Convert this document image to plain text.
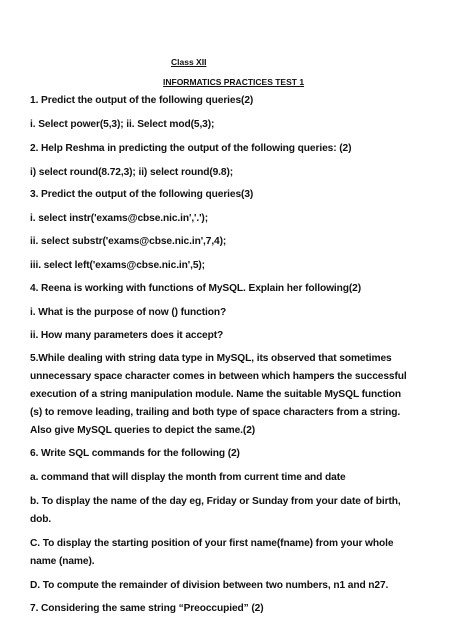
Class XII
INFORMATICS PRACTICES TEST 1
1. Predict the output of the following queries(2)
i. Select power(5,3); ii. Select mod(5,3);
2. Help Reshma in predicting the output of the following queries: (2)
i) select round(8.72,3); ii) select round(9.8);
3. Predict the output of the following queries(3)
i. select instr('exams@cbse.nic.in','.');
ii. select substr('exams@cbse.nic.in',7,4);
iii. select left('exams@cbse.nic.in',5);
4. Reena is working with functions of MySQL. Explain her following(2)
i. What is the purpose of now () function?
ii. How many parameters does it accept?
5.While dealing with string data type in MySQL, its observed that sometimes
unnecessary space character comes in between which hampers the successful
execution of a string manipulation module. Name the suitable MySQL function
(s) to remove leading, trailing and both type of space characters from a string.
Also give MySQL queries to depict the same.(2)
6. Write SQL commands for the following (2)
a. command that will display the month from current time and date
b. To display the name of the day eg, Friday or Sunday from your date of birth,
dob.
C. To display the starting position of your first name(fname) from your whole
name (name).
D. To compute the remainder of division between two numbers, n1 and n27.
7. Considering the same string “Preoccupied” (2)
